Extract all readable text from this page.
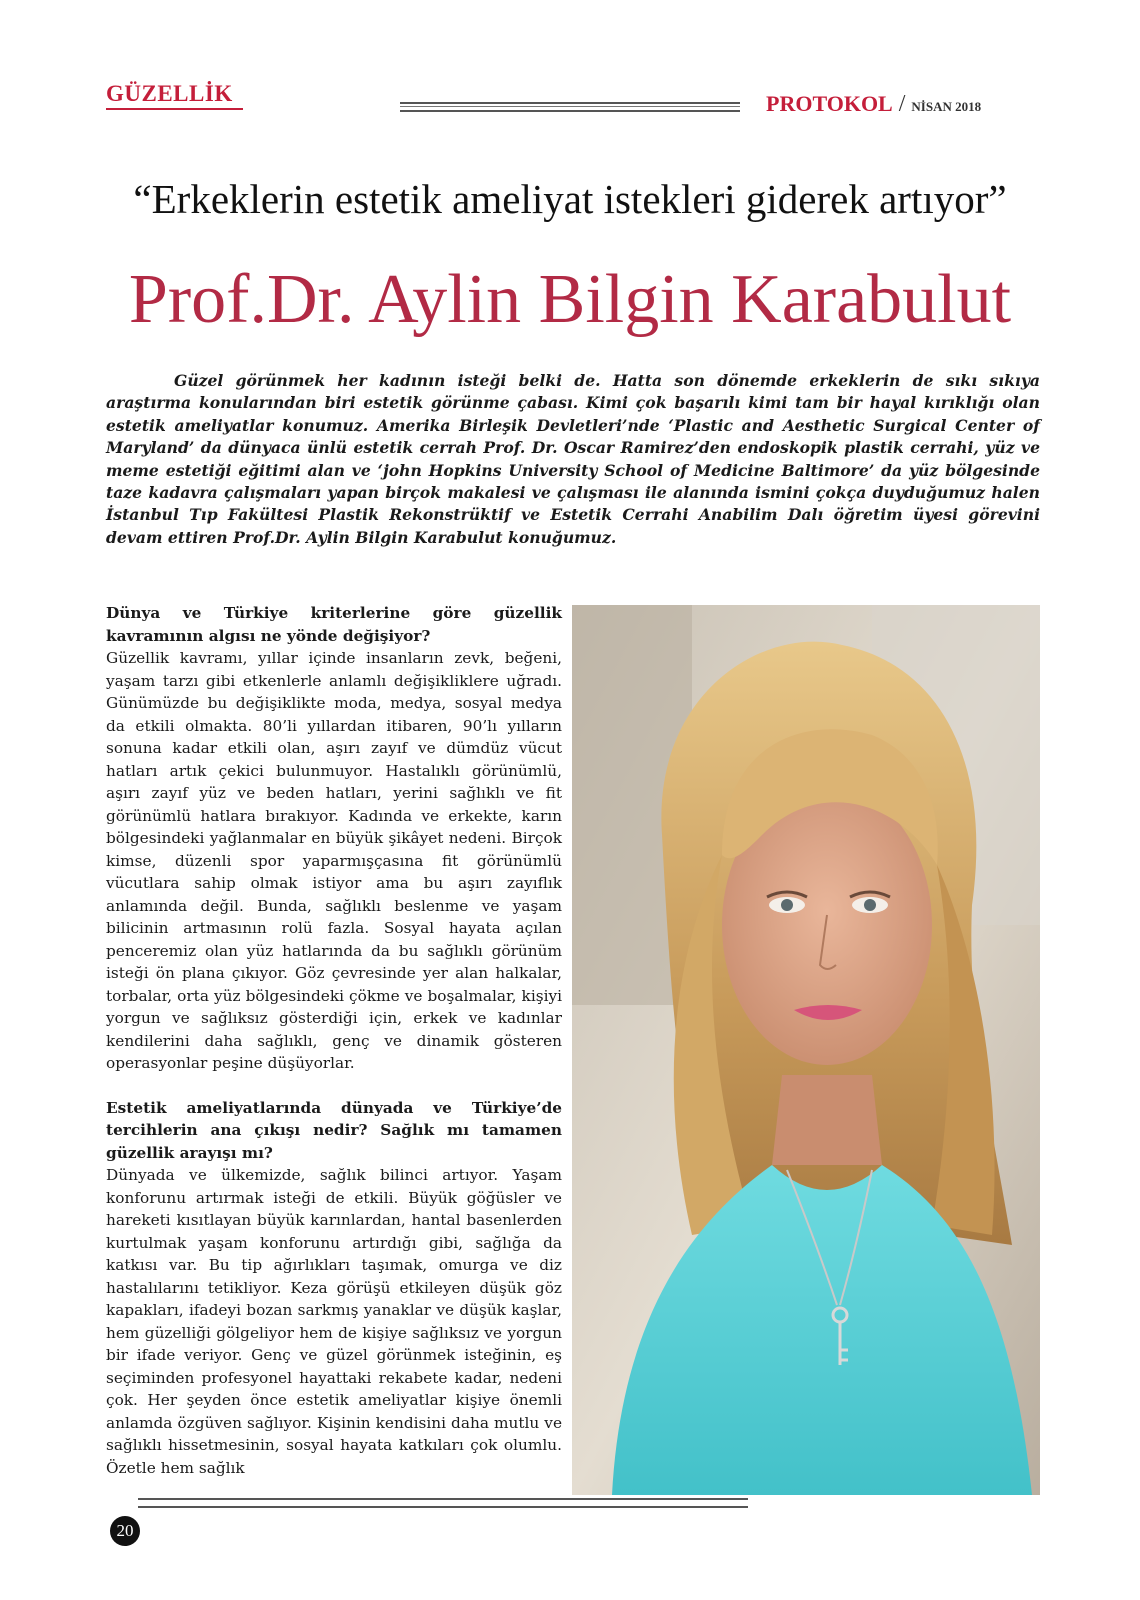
GÜZELLİK	PROTOKOL / NİSAN 2018
“Erkeklerin estetik ameliyat istekleri giderek artıyor”
Prof.Dr. Aylin Bilgin Karabulut

Güzel görünmek her kadının isteği belki de. Hatta son dönemde erkeklerin de sıkı sıkıya araştırma konularından biri estetik görünme çabası. Kimi çok başarılı kimi tam bir hayal kırıklığı olan estetik ameliyatlar konumuz. Amerika Birleşik Devletleri’nde ‘Plastic and Aesthetic Surgical Center of Maryland’ da dünyaca ünlü estetik cerrah Prof. Dr. Oscar Ramirez’den endoskopik plastik cerrahi, yüz ve meme estetiği eğitimi alan ve ‘john Hopkins University School of Medicine Baltimore’ da yüz bölgesinde taze kadavra çalışmaları yapan birçok makalesi ve çalışması ile alanında ismini çokça duyduğumuz halen İstanbul Tıp Fakültesi Plastik Rekonstrüktif ve Estetik Cerrahi Anabilim Dalı öğretim üyesi görevini devam ettiren Prof.Dr. Aylin Bilgin Karabulut konuğumuz.

Dünya ve Türkiye kriterlerine göre güzellik kavramının algısı ne yönde değişiyor?

Güzellik kavramı, yıllar içinde insanların zevk, beğeni, yaşam tarzı gibi etkenlerle anlamlı değişikliklere uğradı. Günümüzde bu değişiklikte moda, medya, sosyal medya da etkili olmakta. 80’li yıllardan itibaren, 90’lı yılların sonuna kadar etkili olan, aşırı zayıf ve dümdüz vücut hatları artık çekici bulunmuyor. Hastalıklı görünümlü, aşırı zayıf yüz ve beden hatları, yerini sağlıklı ve fit görünümlü hatlara bırakıyor. Kadında ve erkekte, karın bölgesindeki yağlanmalar en büyük şikâyet nedeni. Birçok kimse, düzenli spor yaparmışçasına fit görünümlü vücutlara sahip olmak istiyor ama bu aşırı zayıflık anlamında değil. Bunda, sağlıklı beslenme ve yaşam bilicinin artmasının rolü fazla. Sosyal hayata açılan penceremiz olan yüz hatlarında da bu sağlıklı görünüm isteği ön plana çıkıyor. Göz çevresinde yer alan halkalar, torbalar, orta yüz bölgesindeki çökme ve boşalmalar, kişiyi yorgun ve sağlıksız gösterdiği için, erkek ve kadınlar kendilerini daha sağlıklı, genç ve dinamik gösteren operasyonlar peşine düşüyorlar.

Estetik ameliyatlarında dünyada ve Türkiye’de tercihlerin ana çıkışı nedir? Sağlık mı tamamen güzellik arayışı mı?

Dünyada ve ülkemizde, sağlık bilinci artıyor. Yaşam konforunu artırmak isteği de etkili. Büyük göğüsler ve hareketi kısıtlayan büyük karınlardan, hantal basenlerden kurtulmak yaşam konforunu artırdığı gibi, sağlığa da katkısı var. Bu tip ağırlıkları taşımak, omurga ve diz hastalılarını tetikliyor. Keza görüşü etkileyen düşük göz kapakları, ifadeyi bozan sarkmış yanaklar ve düşük kaşlar, hem güzelliği gölgeliyor hem de kişiye sağlıksız ve yorgun bir ifade veriyor. Genç ve güzel görünmek isteğinin, eş seçiminden profesyonel hayattaki rekabete kadar, nedeni çok. Her şeyden önce estetik ameliyatlar kişiye önemli anlamda özgüven sağlıyor. Kişinin kendisini daha mutlu ve sağlıklı hissetmesinin, sosyal hayata katkıları çok olumlu. Özetle hem sağlık

20
